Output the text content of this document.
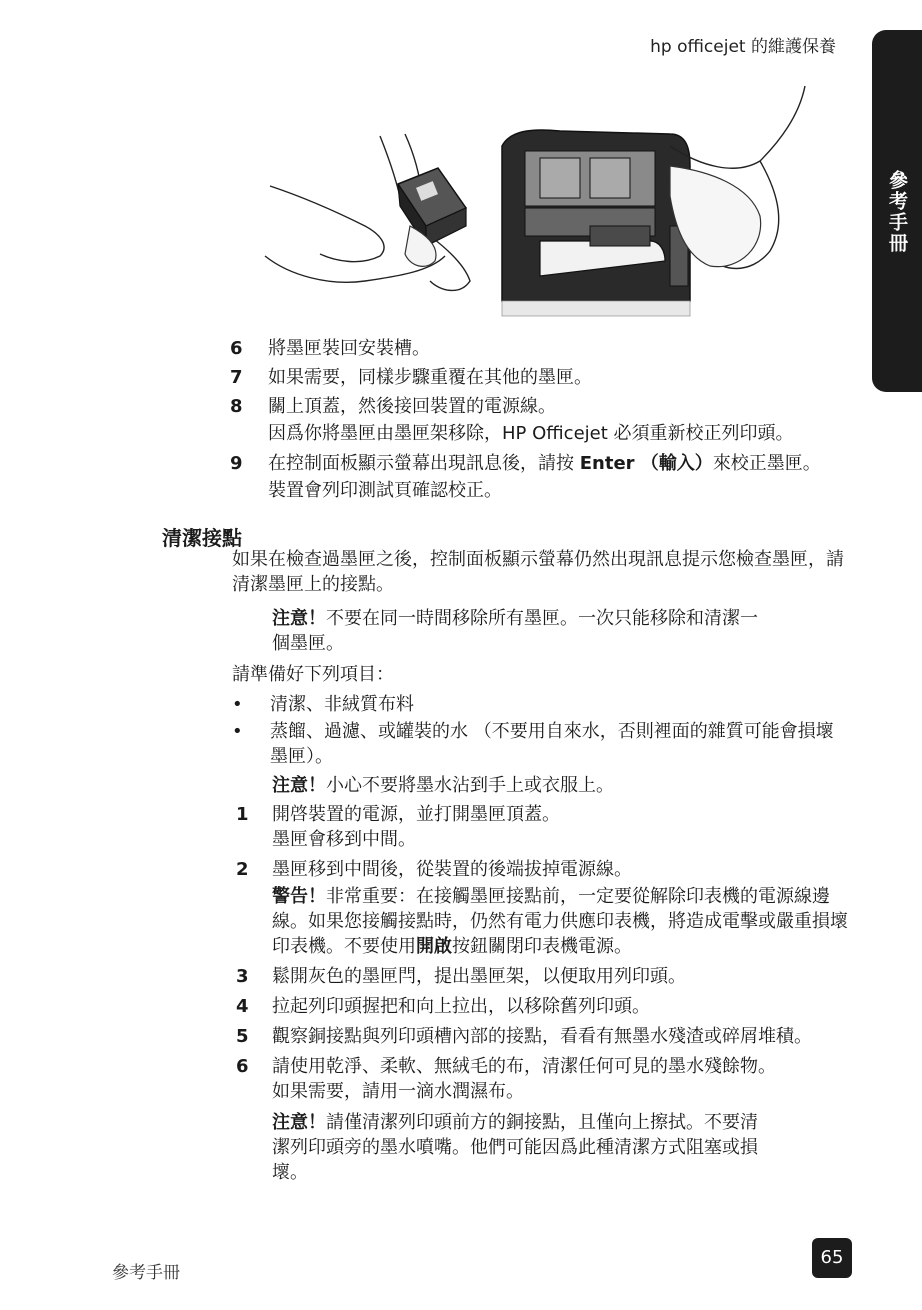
hp officejet 的維護保養
參考手冊
6 將墨匣裝回安裝槽。
7 如果需要，同樣步驟重覆在其他的墨匣。
8 關上頂蓋，然後接回裝置的電源線。
因爲你將墨匣由墨匣架移除，HP Officejet 必須重新校正列印頭。
9 在控制面板顯示螢幕出現訊息後，請按 Enter （輸入）來校正墨匣。
裝置會列印測試頁確認校正。
清潔接點
如果在檢查過墨匣之後，控制面板顯示螢幕仍然出現訊息提示您檢查墨匣，請
清潔墨匣上的接點。
注意！不要在同一時間移除所有墨匣。一次只能移除和清潔一
個墨匣。
請準備好下列項目：
• 清潔、非絨質布料
• 蒸餾、過濾、或罐裝的水 （不要用自來水，否則裡面的雜質可能會損壞
墨匣）。
注意！小心不要將墨水沾到手上或衣服上。
1 開啓裝置的電源，並打開墨匣頂蓋。
墨匣會移到中間。
2 墨匣移到中間後，從裝置的後端拔掉電源線。
警告！非常重要：在接觸墨匣接點前，一定要從解除印表機的電源線邊
線。如果您接觸接點時，仍然有電力供應印表機，將造成電擊或嚴重損壞
印表機。不要使用開啟按鈕關閉印表機電源。
3 鬆開灰色的墨匣閂，提出墨匣架，以便取用列印頭。
4 拉起列印頭握把和向上拉出，以移除舊列印頭。
5 觀察銅接點與列印頭槽內部的接點，看看有無墨水殘渣或碎屑堆積。
6 請使用乾淨、柔軟、無絨毛的布，清潔任何可見的墨水殘餘物。
如果需要，請用一滴水潤濕布。
注意！請僅清潔列印頭前方的銅接點，且僅向上擦拭。不要清
潔列印頭旁的墨水噴嘴。他們可能因爲此種清潔方式阻塞或損
壞。
參考手冊
65
